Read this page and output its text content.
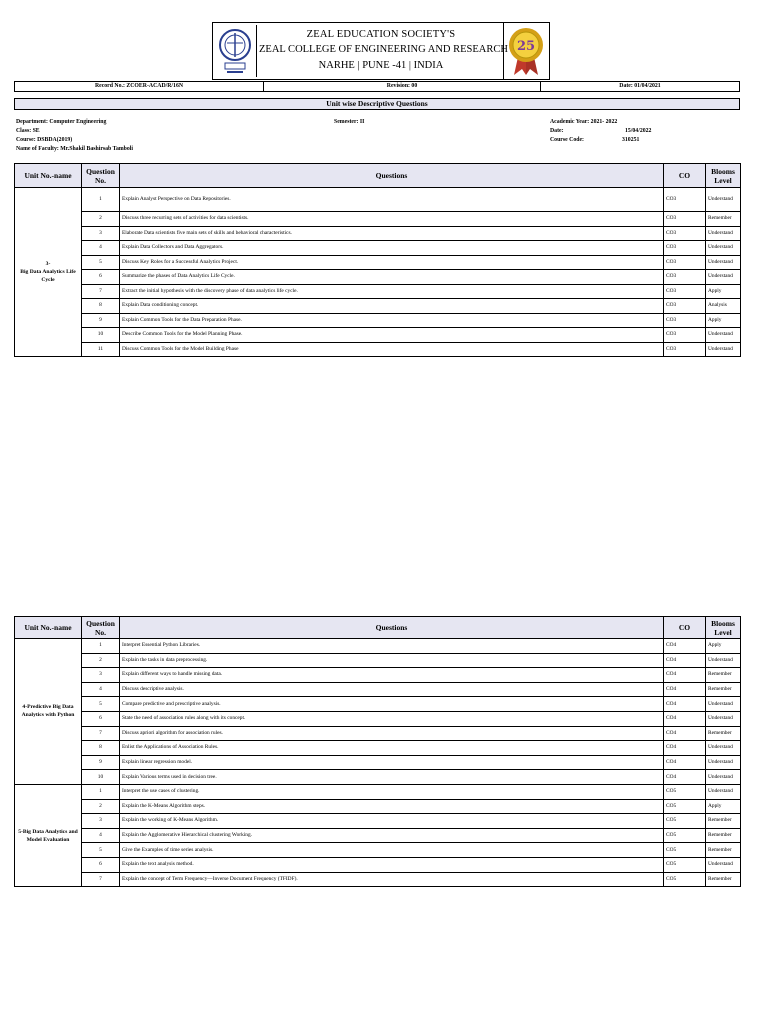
ZEAL EDUCATION SOCIETY'S
ZEAL COLLEGE OF ENGINEERING AND RESEARCH
NARHE | PUNE -41 | INDIA
25
Record No.: ZCOER-ACAD/R/16N	Revision: 00	Date: 01/04/2021
Unit wise Descriptive Questions
Department: Computer Engineering
Class: SE
Course: DSBDA(2019)
Name of Faculty: Mr.Shakil Bashirsab Tamboli
Semester: II	Academic Year: 2021- 2022
Date:	15/04/2022
Course Code:	310251
Unit No.-name	Question No.	Questions	CO	Blooms Level
3-
Big Data Analytics Life Cycle	1	Explain Analyst Perspective on Data Repositories.	CO3	Understand
	2	Discuss three recurring sets of activities for data scientists.	CO3	Remember
	3	Elaborate Data scientists five main sets of skills and behavioral characteristics.	CO3	Understand
	4	Explain Data Collectors and Data Aggregators.	CO3	Understand
	5	Discuss Key Roles for a Successful Analytics Project.	CO3	Understand
	6	Summarize the phases of Data Analytics Life Cycle.	CO3	Understand
	7	Extract the initial hypothesis with the discovery phase of data analytics life cycle.	CO3	Apply
	8	Explain Data conditioning concept.	CO3	Analysis
	9	Explain Common Tools for the Data Preparation Phase.	CO3	Apply
	10	Describe Common Tools for the Model Planning Phase.	CO3	Understand
	11	Discuss Common Tools for the Model Building Phase	CO3	Understand
Unit No.-name	Question No.	Questions	CO	Blooms Level
4-Predictive Big Data Analytics with Python	1	Interpret Essential Python Libraries.	CO4	Apply
	2	Explain the tasks in data preprocessing.	CO4	Understand
	3	Explain different ways to handle missing data.	CO4	Remember
	4	Discuss descriptive analysis.	CO4	Remember
	5	Compare predictive and prescriptive analysis.	CO4	Understand
	6	State the need of association rules along with its concept.	CO4	Understand
	7	Discuss apriori algorithm for association rules.	CO4	Remember
	8	Enlist the Applications of Association Rules.	CO4	Understand
	9	Explain linear regression model.	CO4	Understand
	10	Explain Various terms used in decision tree.	CO4	Understand
5-Big Data Analytics and Model Evaluation	1	Interpret the use cases of clustering.	CO5	Understand
	2	Explain the K-Means Algorithm steps.	CO5	Apply
	3	Explain the working of K-Means Algorithm.	CO5	Remember
	4	Explain the Agglomerative Hierarchical clustering Working.	CO5	Remember
	5	Give the Examples of time series analysis.	CO5	Remember
	6	Explain the text analysis method.	CO5	Understand
	7	Explain the concept of Term Frequency—Inverse Document Frequency (TFIDF).	CO5	Remember
